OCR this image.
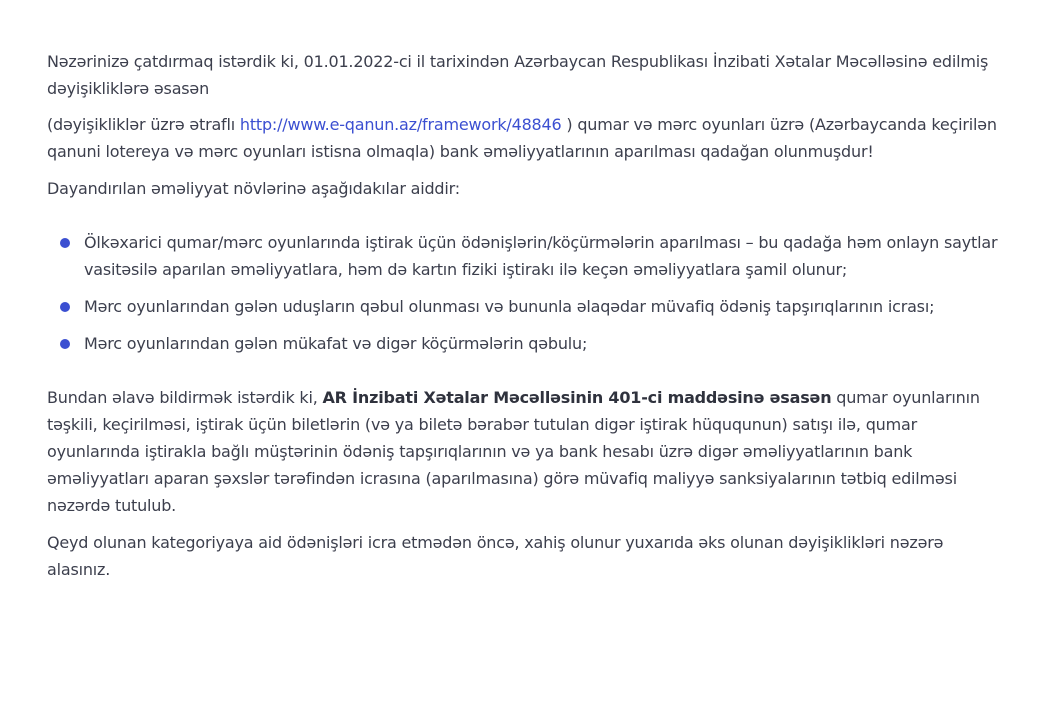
Nəzərinizə çatdırmaq istərdik ki, 01.01.2022-ci il tarixindən Azərbaycan Respublikası İnzibati Xətalar Məcəlləsinə edilmiş dəyişikliklərə əsasən

(dəyişikliklər üzrə ətraflı http://www.e-qanun.az/framework/48846 ) qumar və mərc oyunları üzrə (Azərbaycanda keçirilən qanuni lotereya və mərc oyunları istisna olmaqla) bank əməliyyatlarının aparılması qadağan olunmuşdur!

Dayandırılan əməliyyat növlərinə aşağıdakılar aiddir:

Ölkəxarici qumar/mərc oyunlarında iştirak üçün ödənişlərin/köçürmələrin aparılması – bu qadağa həm onlayn saytlar vasitəsilə aparılan əməliyyatlara, həm də kartın fiziki iştirakı ilə keçən əməliyyatlara şamil olunur;
Mərc oyunlarından gələn uduşların qəbul olunması və bununla əlaqədar müvafiq ödəniş tapşırıqlarının icrası;
Mərc oyunlarından gələn mükafat və digər köçürmələrin qəbulu;

Bundan əlavə bildirmək istərdik ki, AR İnzibati Xətalar Məcəlləsinin 401-ci maddəsinə əsasən qumar oyunlarının təşkili, keçirilməsi, iştirak üçün biletlərin (və ya biletə bərabər tutulan digər iştirak hüququnun) satışı ilə, qumar oyunlarında iştirakla bağlı müştərinin ödəniş tapşırıqlarının və ya bank hesabı üzrə digər əməliyyatlarının bank əməliyyatları aparan şəxslər tərəfindən icrasına (aparılmasına) görə müvafiq maliyyə sanksiyalarının tətbiq edilməsi nəzərdə tutulub.

Qeyd olunan kategoriyaya aid ödənişləri icra etmədən öncə, xahiş olunur yuxarıda əks olunan dəyişiklikləri nəzərə alasınız.
